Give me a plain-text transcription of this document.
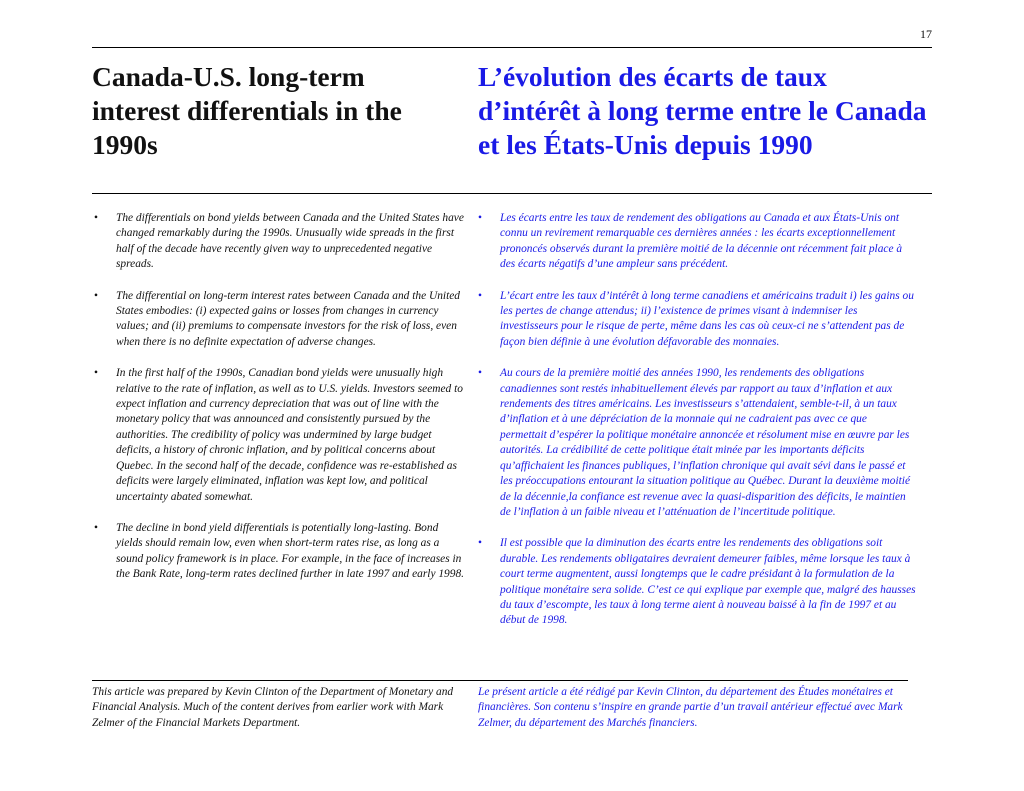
17
Canada-U.S. long-term interest differentials in the 1990s
L’évolution des écarts de taux d’intérêt à long terme entre le Canada et les États-Unis depuis 1990
• The differentials on bond yields between Canada and the United States have changed remarkably during the 1990s. Unusually wide spreads in the first half of the decade have recently given way to unprecedented negative spreads.
• The differential on long-term interest rates between Canada and the United States embodies: (i) expected gains or losses from changes in currency values; and (ii) premiums to compensate investors for the risk of loss, even when there is no definite expectation of adverse changes.
• In the first half of the 1990s, Canadian bond yields were unusually high relative to the rate of inflation, as well as to U.S. yields. Investors seemed to expect inflation and currency depreciation that was out of line with the monetary policy that was announced and consistently pursued by the authorities. The credibility of policy was undermined by large budget deficits, a history of chronic inflation, and by political concerns about Quebec. In the second half of the decade, confidence was re-established as deficits were largely eliminated, inflation was kept low, and political uncertainty abated somewhat.
• The decline in bond yield differentials is potentially long-lasting. Bond yields should remain low, even when short-term rates rise, as long as a sound policy framework is in place. For example, in the face of increases in the Bank Rate, long-term rates declined further in late 1997 and early 1998.
• Les écarts entre les taux de rendement des obligations au Canada et aux États-Unis ont connu un revirement remarquable ces dernières années : les écarts exceptionnellement prononcés observés durant la première moitié de la décennie ont récemment fait place à des écarts négatifs d’une ampleur sans précédent.
• L’écart entre les taux d’intérêt à long terme canadiens et américains traduit i) les gains ou les pertes de change attendus; ii) l’existence de primes visant à indemniser les investisseurs pour le risque de perte, même dans les cas où ceux-ci ne s’attendent pas de façon bien définie à une évolution défavorable des monnaies.
• Au cours de la première moitié des années 1990, les rendements des obligations canadiennes sont restés inhabituellement élevés par rapport au taux d’inflation et aux rendements des titres américains. Les investisseurs s’attendaient, semble-t-il, à un taux d’inflation et à une dépréciation de la monnaie qui ne cadraient pas avec ce que permettait d’espérer la politique monétaire annoncée et résolument mise en œuvre par les autorités. La crédibilité de cette politique était minée par les importants déficits qu’affichaient les finances publiques, l’inflation chronique qui avait sévi dans le passé et les préoccupations entourant la situation politique au Québec. Durant la deuxième moitié de la décennie,la confiance est revenue avec la quasi-disparition des déficits, le maintien de l’inflation à un faible niveau et l’atténuation de l’incertitude politique.
• Il est possible que la diminution des écarts entre les rendements des obligations soit durable. Les rendements obligataires devraient demeurer faibles, même lorsque les taux à court terme augmentent, aussi longtemps que le cadre présidant à la formulation de la politique monétaire sera solide. C’est ce qui explique par exemple que, malgré des hausses du taux d’escompte, les taux à long terme aient à nouveau baissé à la fin de 1997 et au début de 1998.

This article was prepared by Kevin Clinton of the Department of Monetary and Financial Analysis. Much of the content derives from earlier work with Mark Zelmer of the Financial Markets Department.

Le présent article a été rédigé par Kevin Clinton, du département des Études monétaires et financières. Son contenu s’inspire en grande partie d’un travail antérieur effectué avec Mark Zelmer, du département des Marchés financiers.
